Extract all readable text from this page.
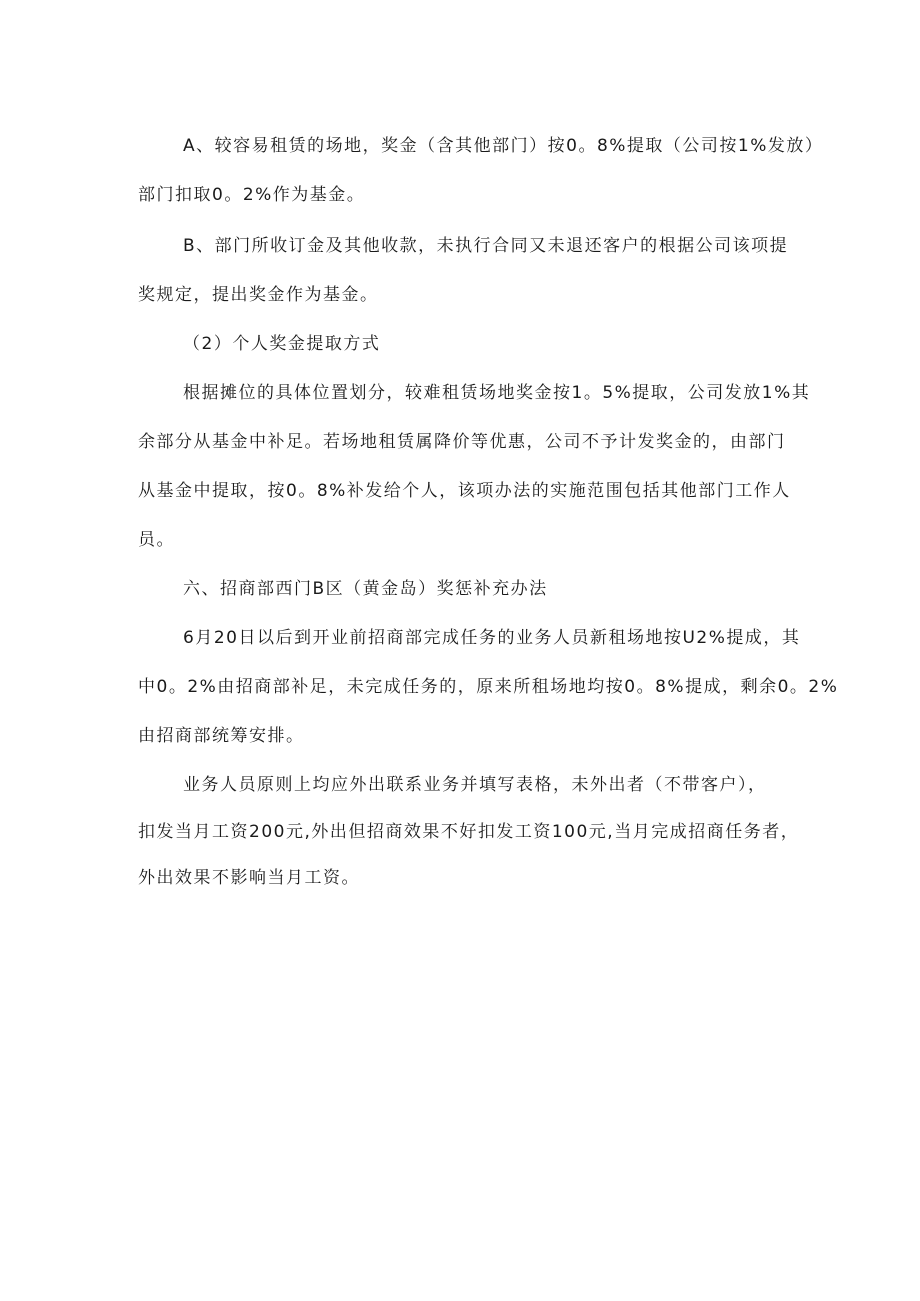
A、较容易租赁的场地，奖金（含其他部门）按0。8%提取（公司按1%发放）
部门扣取0。2%作为基金。
B、部门所收订金及其他收款，未执行合同又未退还客户的根据公司该项提
奖规定，提出奖金作为基金。
（2）个人奖金提取方式
根据摊位的具体位置划分，较难租赁场地奖金按1。5%提取，公司发放1%其
余部分从基金中补足。若场地租赁属降价等优惠，公司不予计发奖金的，由部门
从基金中提取，按0。8%补发给个人，该项办法的实施范围包括其他部门工作人
员。
六、招商部西门B区（黄金岛）奖惩补充办法
6月20日以后到开业前招商部完成任务的业务人员新租场地按U2%提成，其
中0。2%由招商部补足，未完成任务的，原来所租场地均按0。8%提成，剩余0。2%
由招商部统筹安排。
业务人员原则上均应外出联系业务并填写表格，未外出者（不带客户），
扣发当月工资200元,外出但招商效果不好扣发工资100元,当月完成招商任务者，
外出效果不影响当月工资。
